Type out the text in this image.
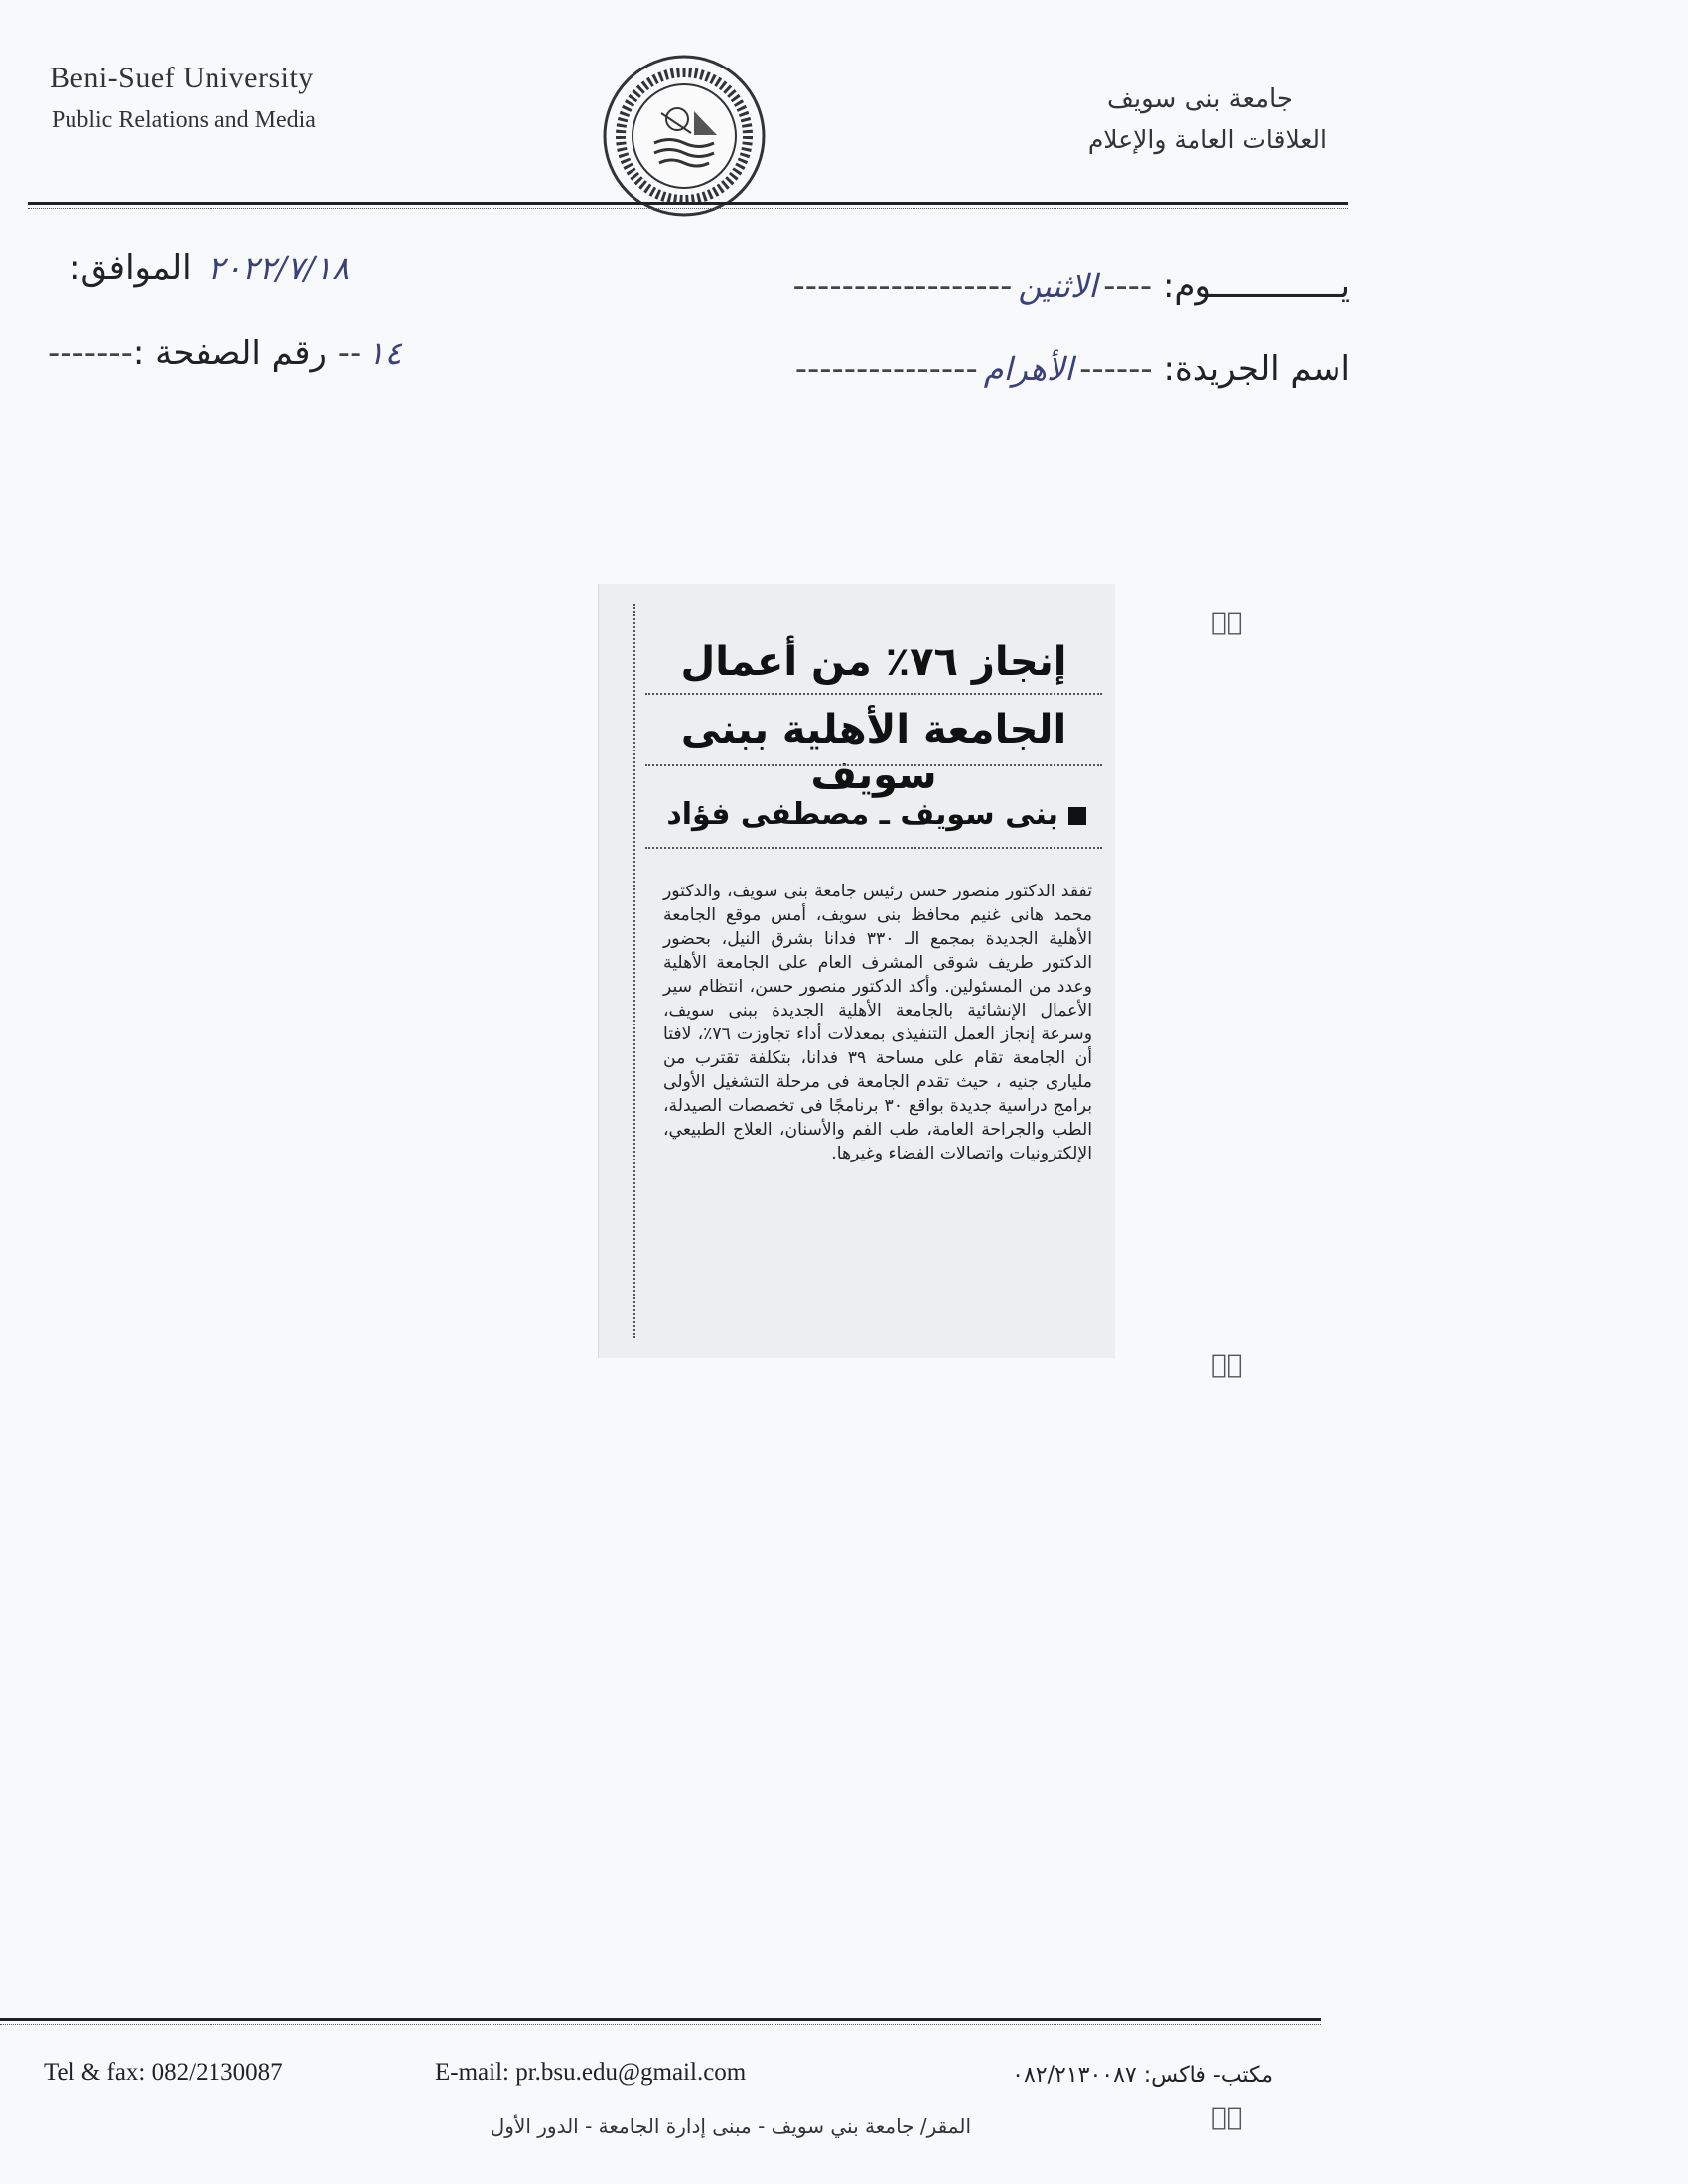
Beni-Suef University
Public Relations and Media
جامعة بنى سويف
العلاقات العامة والإعلام
يـــــــــــــوم: ----الاثنين------------------
اسم الجريدة: ------الأهرام---------------
٢٠٢٢/٧/١٨ الموافق:
-------	١٤-- رقم الصفحة :
إنجاز ٧٦٪ من أعمال
الجامعة الأهلية ببنى سويف
بنى سويف ـ مصطفى فؤاد

تفقد الدكتور منصور حسن رئيس جامعة بنى سويف، والدكتور محمد هانى غنيم محافظ بنى سويف، أمس موقع الجامعة الأهلية الجديدة بمجمع الـ ٣٣٠ فدانا بشرق النيل، بحضور الدكتور طريف شوقى المشرف العام على الجامعة الأهلية وعدد من المسئولين. وأكد الدكتور منصور حسن، انتظام سير الأعمال الإنشائية بالجامعة الأهلية الجديدة ببنى سويف، وسرعة إنجاز العمل التنفيذى بمعدلات أداء تجاوزت ٧٦٪، لافتا أن الجامعة تقام على مساحة ٣٩ فدانا، بتكلفة تقترب من مليارى جنيه ، حيث تقدم الجامعة فى مرحلة التشغيل الأولى برامج دراسية جديدة بواقع ٣٠ برنامجًا فى تخصصات الصيدلة، الطب والجراحة العامة، طب الفم والأسنان، العلاج الطبيعي، الإلكترونيات واتصالات الفضاء وغيرها.

⸗ٖ
⸗ٖ
⸗ٖ
Tel & fax: 082/2130087	E-mail: pr.bsu.edu@gmail.com	مكتب- فاكس: ٠٨٢/٢١٣٠٠٨٧
المقر/ جامعة بني سويف - مبنى إدارة الجامعة - الدور الأول
